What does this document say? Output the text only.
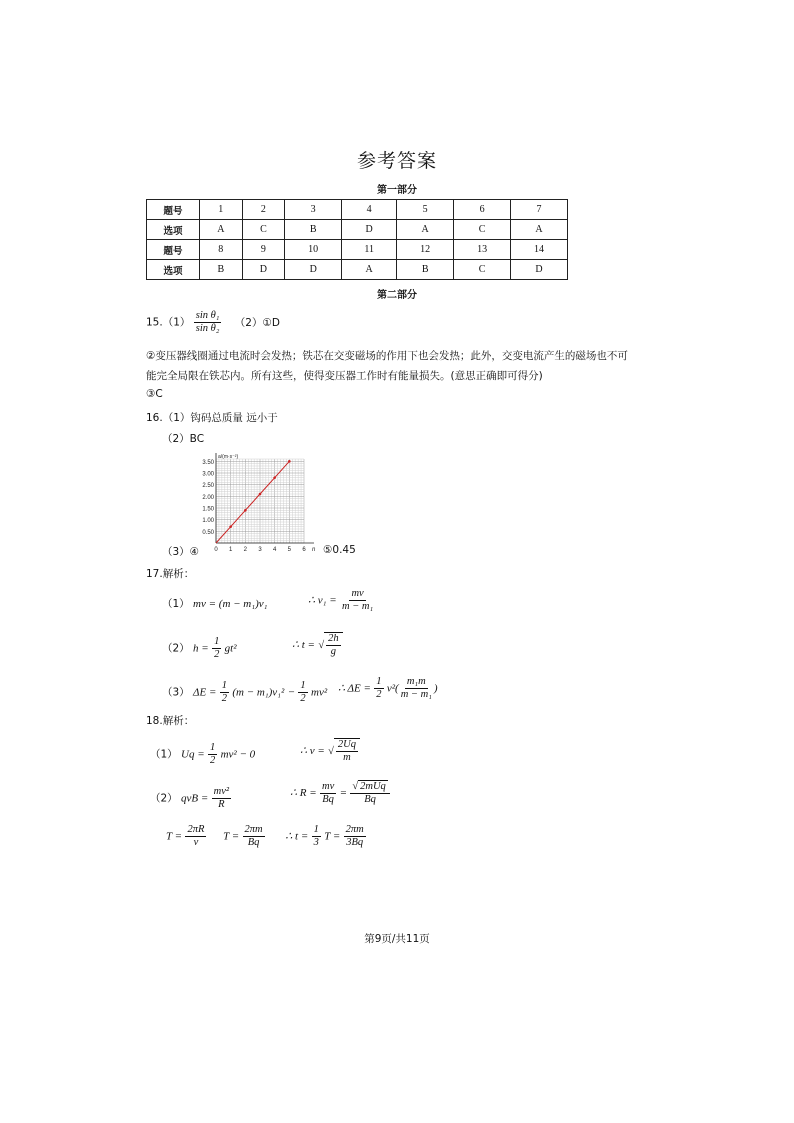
参考答案
第一部分
题号	1	2	3	4	5	6	7
选项	A	C	B	D	A	C	A
题号	8	9	10	11	12	13	14
选项	B	D	D	A	B	C	D
第二部分
$15.(1) \frac{\text{sin θ₁}}{\text{sin θ₂}}$ （2）①D
②变压器线圈通过电流时会发热；铁芯在交变磁场的作用下也会发热；此外，交变电流产生的磁场也不可
能完全局限在铁芯内。所有这些，使得变压器工作时有能量损失。(意思正确即可得分)
③C
16.（1）钩码总质量 远小于
（2）BC
0.50
1.00
1.50
2.00
2.50
3.00
3.50
0 1 2 3 4 5 6
a/(m·s⁻²)
n
（3）④	⑤0.45
17.解析：
（1） mv = (m − m₁)v₁	∴ $v_1 = \frac{mv}{\text{m − m₁}}$
（2） $h = \frac{1}{2} gt^2$	∴ t = √ $\frac{2h}{g}$
（3） $\Delta E = \frac{1}{2} (m - m_1)v_1^2 - \frac{1}{2} mv^2$ ∴ $\Delta E = \frac{1}{2} v^2( \frac{\text{m₁m}}{\text{m − m₁}}$ )
18.解析：
（1） $Uq = \frac{1}{2} mv^2 - 0$	∴ v = √ $\frac{2Uq}{m}$
（2） qvB = $\frac{\text{mv²}}{R}$	∴ $R = \frac{mv}{Bq} = \frac{\text{√ 2mUq}}{Bq}$
$T = \frac{2\pi R}{v}$ $T = \frac{2\pi m}{Bq}$ ∴ $t = \frac{1}{3}$ $T = \frac{2\pi m}{3Bq}$
第9页/共11页
